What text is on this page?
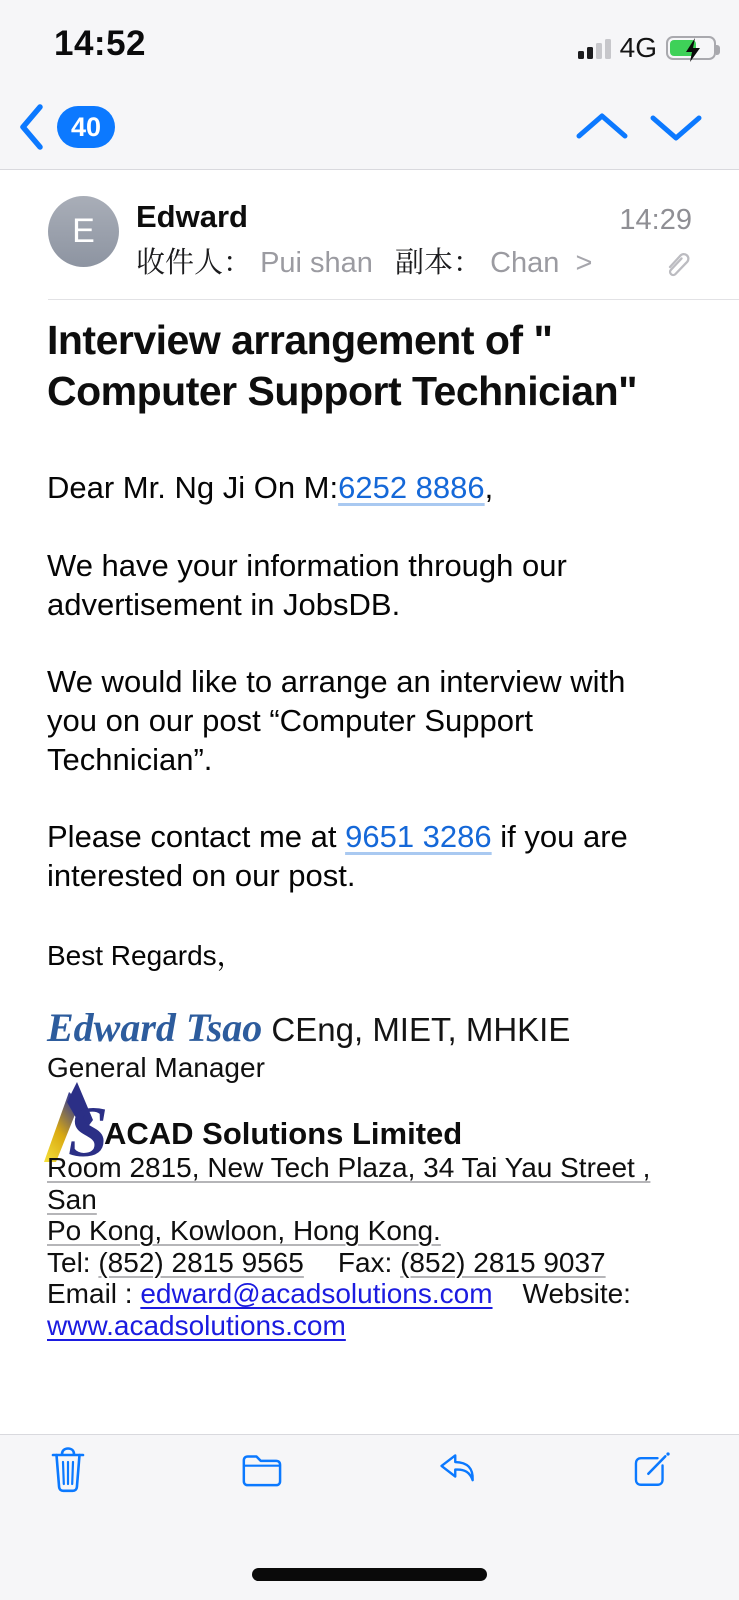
14:52	4G
40
E	Edward	14:29
收件人： Pui shan 副本： Chan >
Interview arrangement of "
Computer Support Technician"
Dear Mr. Ng Ji On M:6252 8886,
We have your information through our
advertisement in JobsDB.
We would like to arrange an interview with
you on our post “Computer Support
Technician”.
Please contact me at 9651 3286 if you are
interested on our post.
Best Regards，
Edward Tsao CEng, MIET, MHKIE
General Manager
S
ACAD Solutions Limited
Room 2815, New Tech Plaza, 34 Tai Yau Street , San
Po Kong, Kowloon, Hong Kong.
Tel: (852) 2815 9565 Fax: (852) 2815 9037
Email : edward@acadsolutions.com Website:
www.acadsolutions.com
